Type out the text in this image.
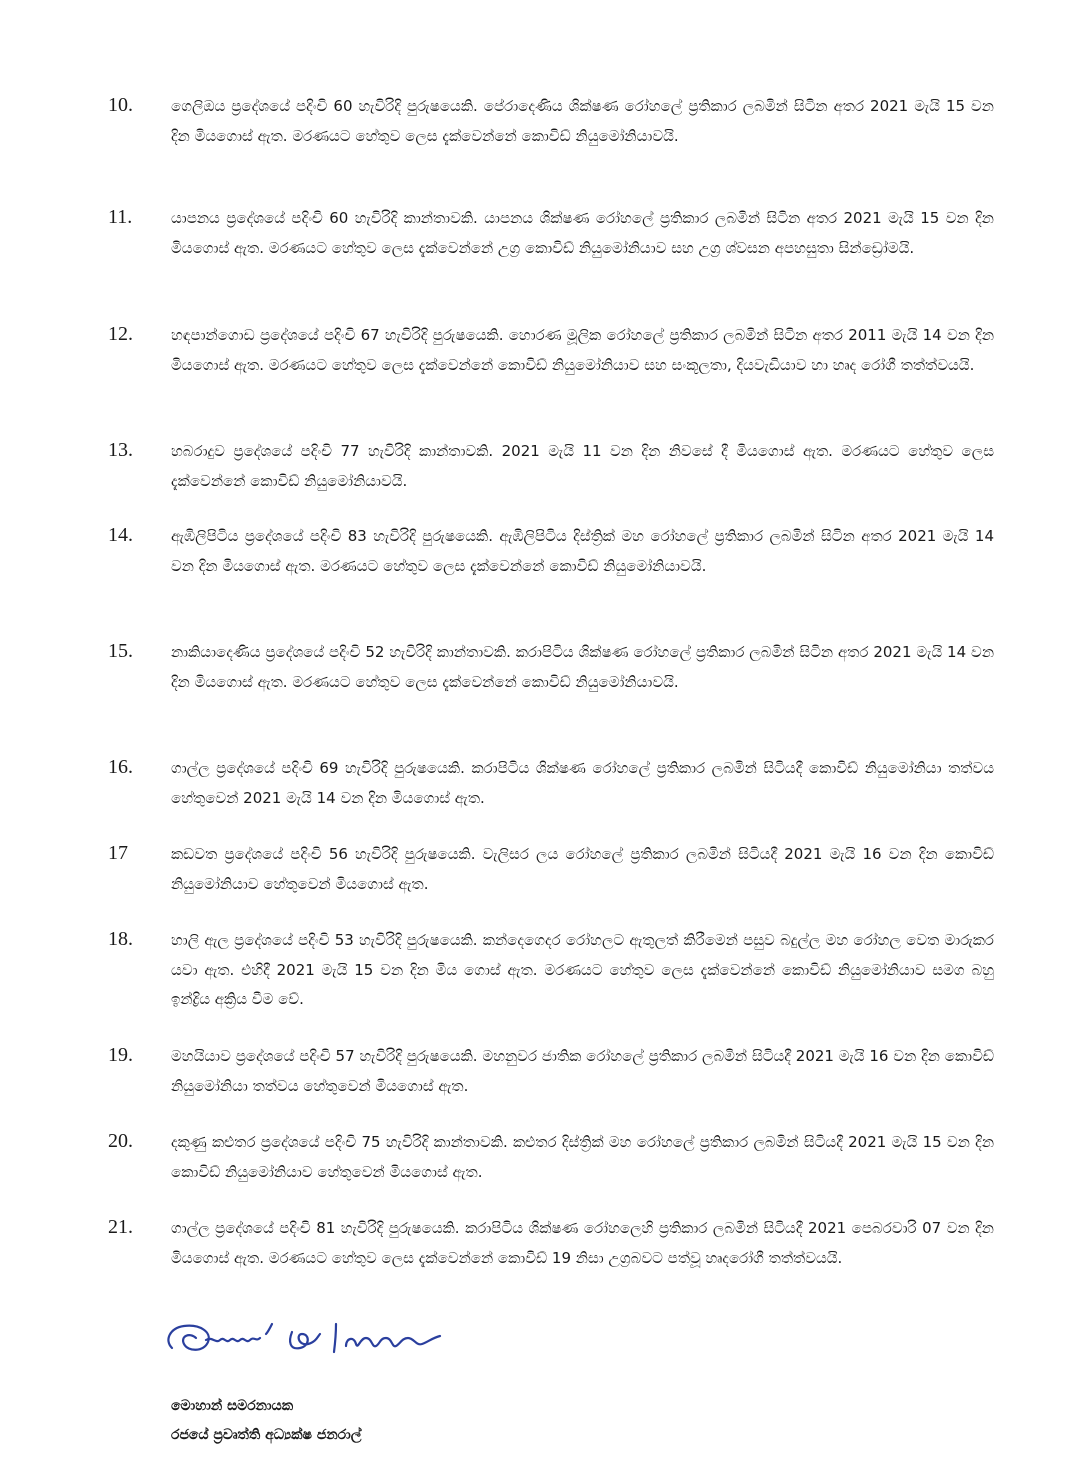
10.	ගෙලිඔය ප්‍රදේශයේ පදිංචි 60 හැවිරිදි පුරුෂයෙකි. පේරාදෙණිය ශික්ෂණ රෝහලේ ප්‍රතිකාර ලබමින් සිටින අතර 2021 මැයි 15 වන දින මියගොස් ඇත. මරණයට හේතුව ලෙස දැක්වෙන්නේ කොවිඩ් නියුමෝනියාවයි.

11.	යාපනය ප්‍රදේශයේ පදිංචි 60 හැවිරිදි කාන්තාවකි. යාපනය ශික්ෂණ රෝහලේ ප්‍රතිකාර ලබමින් සිටින අතර 2021 මැයි 15 වන දින මියගොස් ඇත. මරණයට හේතුව ලෙස දැක්වෙන්නේ උග්‍ර කොවිඩ් නියුමෝනියාව සහ උග්‍ර ශ්වසන අපහසුතා සින්ඩ්‍රෝමයි.

12.	හඳපාන්ගොඩ ප්‍රදේශයේ පදිංචි 67 හැවිරිදි පුරුෂයෙකි. හොරණ මූලික රෝහලේ ප්‍රතිකාර ලබමින් සිටින අතර 2011 මැයි 14 වන දින මියගොස් ඇත. මරණයට හේතුව ලෙස දැක්වෙන්නේ කොවිඩ් නියුමෝනියාව සහ සංකූලතා, දියවැඩියාව හා හෘද රෝගී තත්ත්වයයි.

13.	හබරාදුව ප්‍රදේශයේ පදිංචි 77 හැවිරිදි කාන්තාවකි. 2021 මැයි 11 වන දින නිවසේ දී මියගොස් ඇත. මරණයට හේතුව ලෙස දැක්වෙන්නේ කොවිඩ් නියුමෝනියාවයි.

14.	ඇඹිලිපිටිය ප්‍රදේශයේ පදිංචි 83 හැවිරිදි පුරුෂයෙකි. ඇඹිලිපිටිය දිස්ත්‍රික් මහ රෝහලේ ප්‍රතිකාර ලබමින් සිටින අතර 2021 මැයි 14 වන දින මියගොස් ඇත. මරණයට හේතුව ලෙස දැක්වෙන්නේ කොවිඩ් නියුමෝනියාවයි.

15.	නාකියාදෙණිය ප්‍රදේශයේ පදිංචි 52 හැවිරිදි කාන්තාවකි. කරාපිටිය ශික්ෂණ රෝහලේ ප්‍රතිකාර ලබමින් සිටින අතර 2021 මැයි 14 වන දින මියගොස් ඇත. මරණයට හේතුව ලෙස දැක්වෙන්නේ කොවිඩ් නියුමෝනියාවයි.

16.	ගාල්ල ප්‍රදේශයේ පදිංචි 69 හැවිරිදි පුරුෂයෙකි. කරාපිටිය ශික්ෂණ රෝහලේ ප්‍රතිකාර ලබමින් සිටියදී කොවිඩ් නියුමෝනියා තත්වය හේතුවෙන් 2021 මැයි 14 වන දින මියගොස් ඇත.

17	කඩවත ප්‍රදේශයේ පදිංචි 56 හැවිරිදි පුරුෂයෙකි. වැලිසර ලය රෝහලේ ප්‍රතිකාර ලබමින් සිටියදී 2021 මැයි 16 වන දින කොවිඩ් නියුමෝනියාව හේතුවෙන් මියගොස් ඇත.

18.	හාලි ඇල ප්‍රදේශයේ පදිංචි 53 හැවිරිදි පුරුෂයෙකි. කන්දෙගෙදර රෝහලට ඇතුලත් කිරීමෙන් පසුව බදුල්ල මහ රෝහල වෙත මාරුකර යවා ඇත. එහිදී 2021 මැයි 15 වන දින මිය ගොස් ඇත. මරණයට හේතුව ලෙස දැක්වෙන්නේ කොවිඩ් නියුමෝනියාව සමග බහු ඉන්ද්‍රිය අක්‍රිය වීම වේ.

19.	මහයියාව ප්‍රදේශයේ පදිංචි 57 හැවිරිදි පුරුෂයෙකි. මහනුවර ජාතික රෝහලේ ප්‍රතිකාර ලබමින් සිටියදී 2021 මැයි 16 වන දින කොවිඩ් නියුමෝනියා තත්වය හේතුවෙන් මියගොස් ඇත.

20.	දකුණු කළුතර ප්‍රදේශයේ පදිංචි 75 හැවිරිදි කාන්තාවකි. කළුතර දිස්ත්‍රික් මහ රෝහලේ ප්‍රතිකාර ලබමින් සිටියදී 2021 මැයි 15 වන දින කොවිඩ් නියුමෝනියාව හේතුවෙන් මියගොස් ඇත.

21.	ගාල්ල ප්‍රදේශයේ පදිංචි 81 හැවිරිදි පුරුෂයෙකි. කරාපිටිය ශික්ෂණ රෝහලෙහි ප්‍රතිකාර ලබමින් සිටියදී 2021 පෙබරවාරි 07 වන දින මියගොස් ඇත. මරණයට හේතුව ලෙස දැක්වෙන්නේ කොවිඩ් 19 නිසා උග්‍රබවට පත්වූ හෘදරෝගී තත්ත්වයයි.

මොහාන් සමරනායක
රජයේ ප්‍රවෘත්ති අධ්‍යක්ෂ ජනරාල්
